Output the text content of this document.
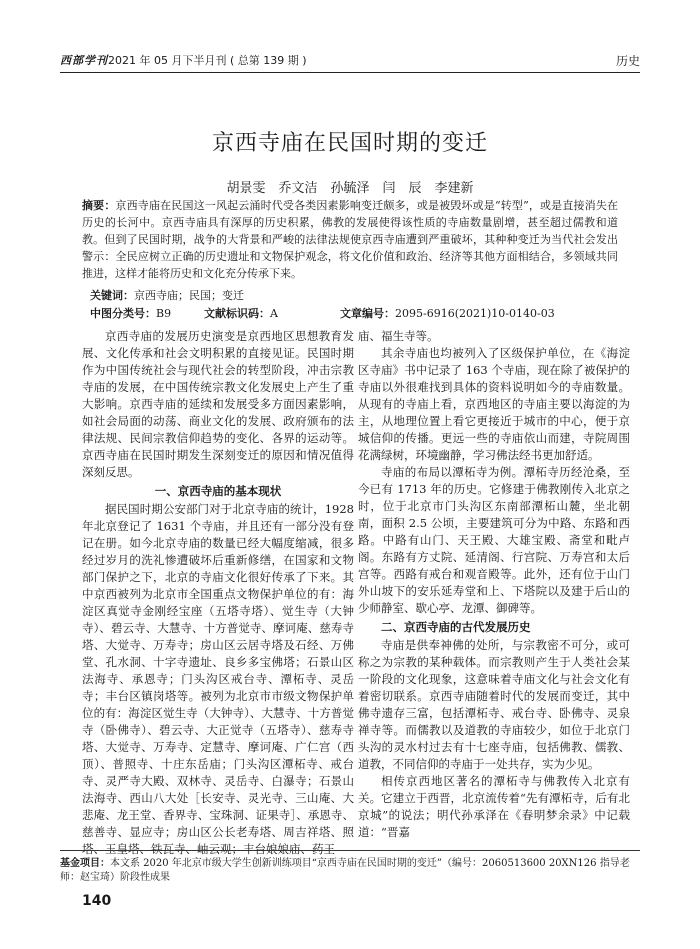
西部学刊2021 年 05 月下半月刊 ( 总第 139 期 )	历史
京西寺庙在民国时期的变迁
胡景雯　乔文洁　孙毓泽　闫　辰　李建新
摘要：京西寺庙在民国这一风起云涌时代受各类因素影响变迁颇多，或是被毁坏或是“转型”，或是直接消失在历史的长河中。京西寺庙具有深厚的历史积累，佛教的发展使得该性质的寺庙数量剧增，甚至超过儒教和道教。但到了民国时期，战争的大背景和严峻的法律法规使京西寺庙遭到严重破坏，其种种变迁为当代社会发出警示：全民应树立正确的历史遗址和文物保护观念，将文化价值和政治、经济等其他方面相结合，多领域共同推进，这样才能将历史和文化充分传承下来。
关键词：京西寺庙；民国；变迁
中图分类号：B9	文献标识码：A	文章编号：2095-6916(2021)10-0140-03

京西寺庙的发展历史演变是京西地区思想教育发展、文化传承和社会文明积累的直接见证。民国时期作为中国传统社会与现代社会的转型阶段，冲击宗教寺庙的发展，在中国传统宗教文化发展史上产生了重大影响。京西寺庙的延续和发展受多方面因素影响，如社会局面的动荡、商业文化的发展、政府颁布的法律法规、民间宗教信仰趋势的变化、各界的运动等。京西寺庙在民国时期发生深刻变迁的原因和情况值得深刻反思。

一、京西寺庙的基本现状

据民国时期公安部门对于北京寺庙的统计，1928 年北京登记了 1631 个寺庙，并且还有一部分没有登记在册。如今北京寺庙的数量已经大幅度缩减，很多经过岁月的洗礼惨遭破坏后重新修缮，在国家和文物部门保护之下，北京的寺庙文化很好传承了下来。其中京西被列为北京市全国重点文物保护单位的有：海淀区真觉寺金刚经宝座（五塔寺塔）、觉生寺（大钟寺）、碧云寺、大慧寺、十方普觉寺、摩诃庵、慈寿寺塔、大觉寺、万寿寺；房山区云居寺塔及石经、万佛堂、孔水洞、十字寺遗址、良乡多宝佛塔；石景山区法海寺、承恩寺；门头沟区戒台寺、潭柘寺、灵岳寺；丰台区镇岗塔等。被列为北京市市级文物保护单位的有：海淀区觉生寺（大钟寺）、大慧寺、十方普觉寺（卧佛寺）、碧云寺、大正觉寺（五塔寺）、慈寿寺塔、大觉寺、万寿寺、定慧寺、摩诃庵、广仁宫（西顶）、普照寺、十庄东岳庙；门头沟区潭柘寺、戒台寺、灵严寺大殿、双林寺、灵岳寺、白瀑寺；石景山法海寺、西山八大处［长安寺、灵光寺、三山庵、大悲庵、龙王堂、香界寺、宝珠洞、证果寺］、承恩寺、慈善寺、显应寺；房山区公长老寿塔、周吉祥塔、照塔、玉皇塔、铁瓦寺、岫云观；丰台娘娘庙、药王

庙、福生寺等。

其余寺庙也均被列入了区级保护单位，在《海淀区寺庙》书中记录了 163 个寺庙，现在除了被保护的寺庙以外很难找到具体的资料说明如今的寺庙数量。从现有的寺庙上看，京西地区的寺庙主要以海淀的为主，从地理位置上看它更接近于城市的中心，便于京城信仰的传播。更远一些的寺庙依山而建，寺院周围花满绿树，环境幽静，学习佛法经书更加舒适。

寺庙的布局以潭柘寺为例。潭柘寺历经沧桑，至今已有 1713 年的历史。它修建于佛教刚传入北京之时，位于北京市门头沟区东南部潭柘山麓，坐北朝南，面积 2.5 公顷，主要建筑可分为中路、东路和西路。中路有山门、天王殿、大雄宝殿、斋堂和毗卢阁。东路有方丈院、延清阁、行宫院、万寿宫和太后宫等。西路有戒台和观音殿等。此外，还有位于山门外山坡下的安乐延寿堂和上、下塔院以及建于后山的少师静室、歇心亭、龙潭、御碑等。

二、京西寺庙的古代发展历史

寺庙是供奉神佛的处所，与宗教密不可分，或可称之为宗教的某种载体。而宗教则产生于人类社会某一阶段的文化现象，这意味着寺庙文化与社会文化有着密切联系。京西寺庙随着时代的发展而变迁，其中佛寺遗存三富，包括潭柘寺、戒台寺、卧佛寺、灵泉禅寺等。而儒教以及道教的寺庙较少，如位于北京门头沟的灵水村过去有十七座寺庙，包括佛教、儒教、道教，不同信仰的寺庙于一处共存，实为少见。

相传京西地区著名的潭柘寺与佛教传入北京有关。它建立于西晋，北京流传着“先有潭柘寺，后有北京城”的说法；明代孙承泽在《春明梦余录》中记载道：“晋嘉

基金项目：本文系 2020 年北京市级大学生创新训练项目“京西寺庙在民国时期的变迁”（编号：2060513600 20XN126 指导老师：赵宝琦）阶段性成果
140
